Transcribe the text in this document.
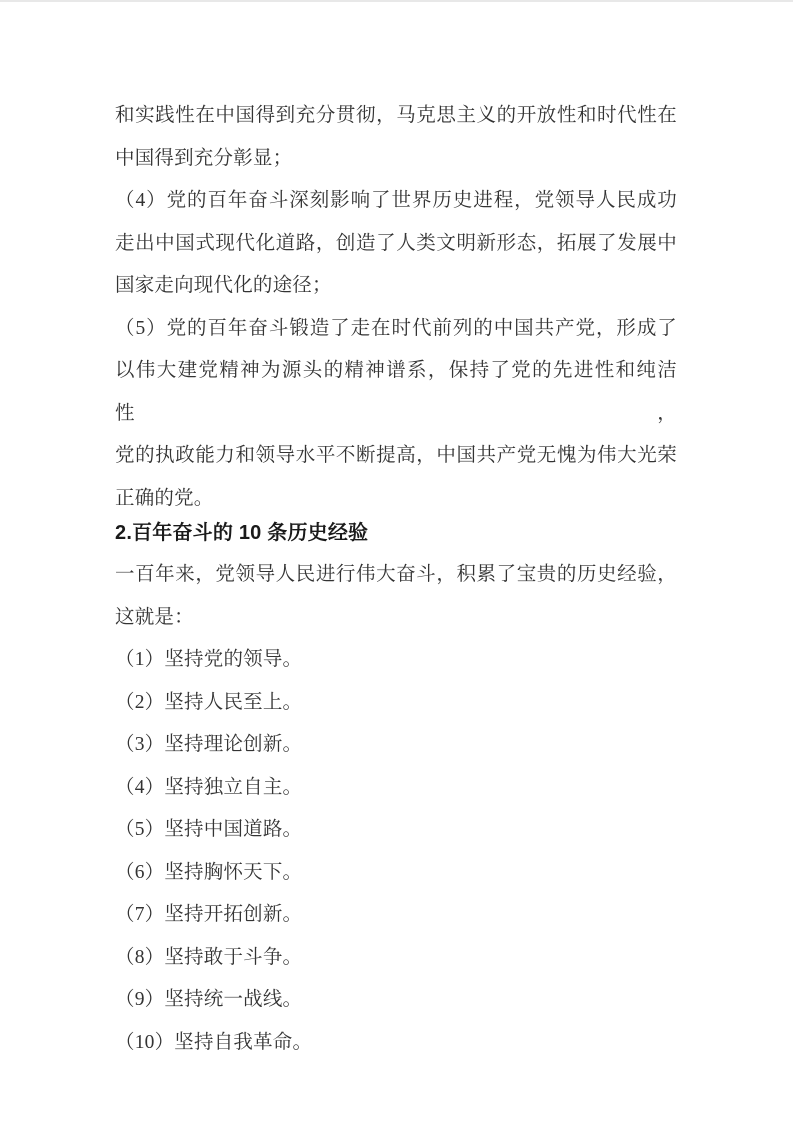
和实践性在中国得到充分贯彻，马克思主义的开放性和时代性在
中国得到充分彰显；
（4）党的百年奋斗深刻影响了世界历史进程，党领导人民成功
走出中国式现代化道路，创造了人类文明新形态，拓展了发展中
国家走向现代化的途径；
（5）党的百年奋斗锻造了走在时代前列的中国共产党，形成了
以伟大建党精神为源头的精神谱系，保持了党的先进性和纯洁性，
党的执政能力和领导水平不断提高，中国共产党无愧为伟大光荣
正确的党。
2.百年奋斗的 10 条历史经验
一百年来，党领导人民进行伟大奋斗，积累了宝贵的历史经验，
这就是：
（1）坚持党的领导。
（2）坚持人民至上。
（3）坚持理论创新。
（4）坚持独立自主。
（5）坚持中国道路。
（6）坚持胸怀天下。
（7）坚持开拓创新。
（8）坚持敢于斗争。
（9）坚持统一战线。
（10）坚持自我革命。
